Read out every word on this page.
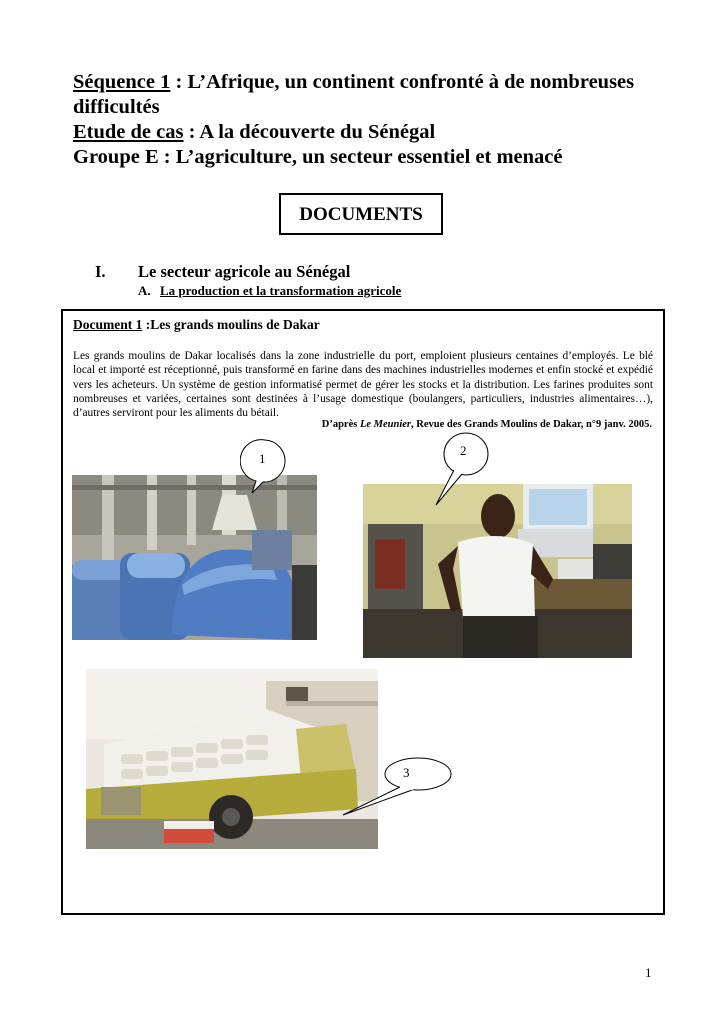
Séquence 1 : L’Afrique, un continent confronté à de nombreuses difficultés
Etude de cas : A la découverte du Sénégal
Groupe E : L’agriculture, un secteur essentiel et menacé
DOCUMENTS
I. Le secteur agricole au Sénégal
A. La production et la transformation agricole
Document 1 :Les grands moulins de Dakar
Les grands moulins de Dakar localisés dans la zone industrielle du port, emploient plusieurs centaines d’employés. Le blé local et importé est réceptionné, puis transformé en farine dans des machines industrielles modernes et enfin stocké et expédié vers les acheteurs. Un système de gestion informatisé permet de gérer les stocks et la distribution. Les farines produites sont nombreuses et variées, certaines sont destinées à l’usage domestique (boulangers, particuliers, industries alimentaires…), d’autres serviront pour les aliments du bétail.
D’après Le Meunier, Revue des Grands Moulins de Dakar, n°9 janv. 2005.
1
2
3
1
